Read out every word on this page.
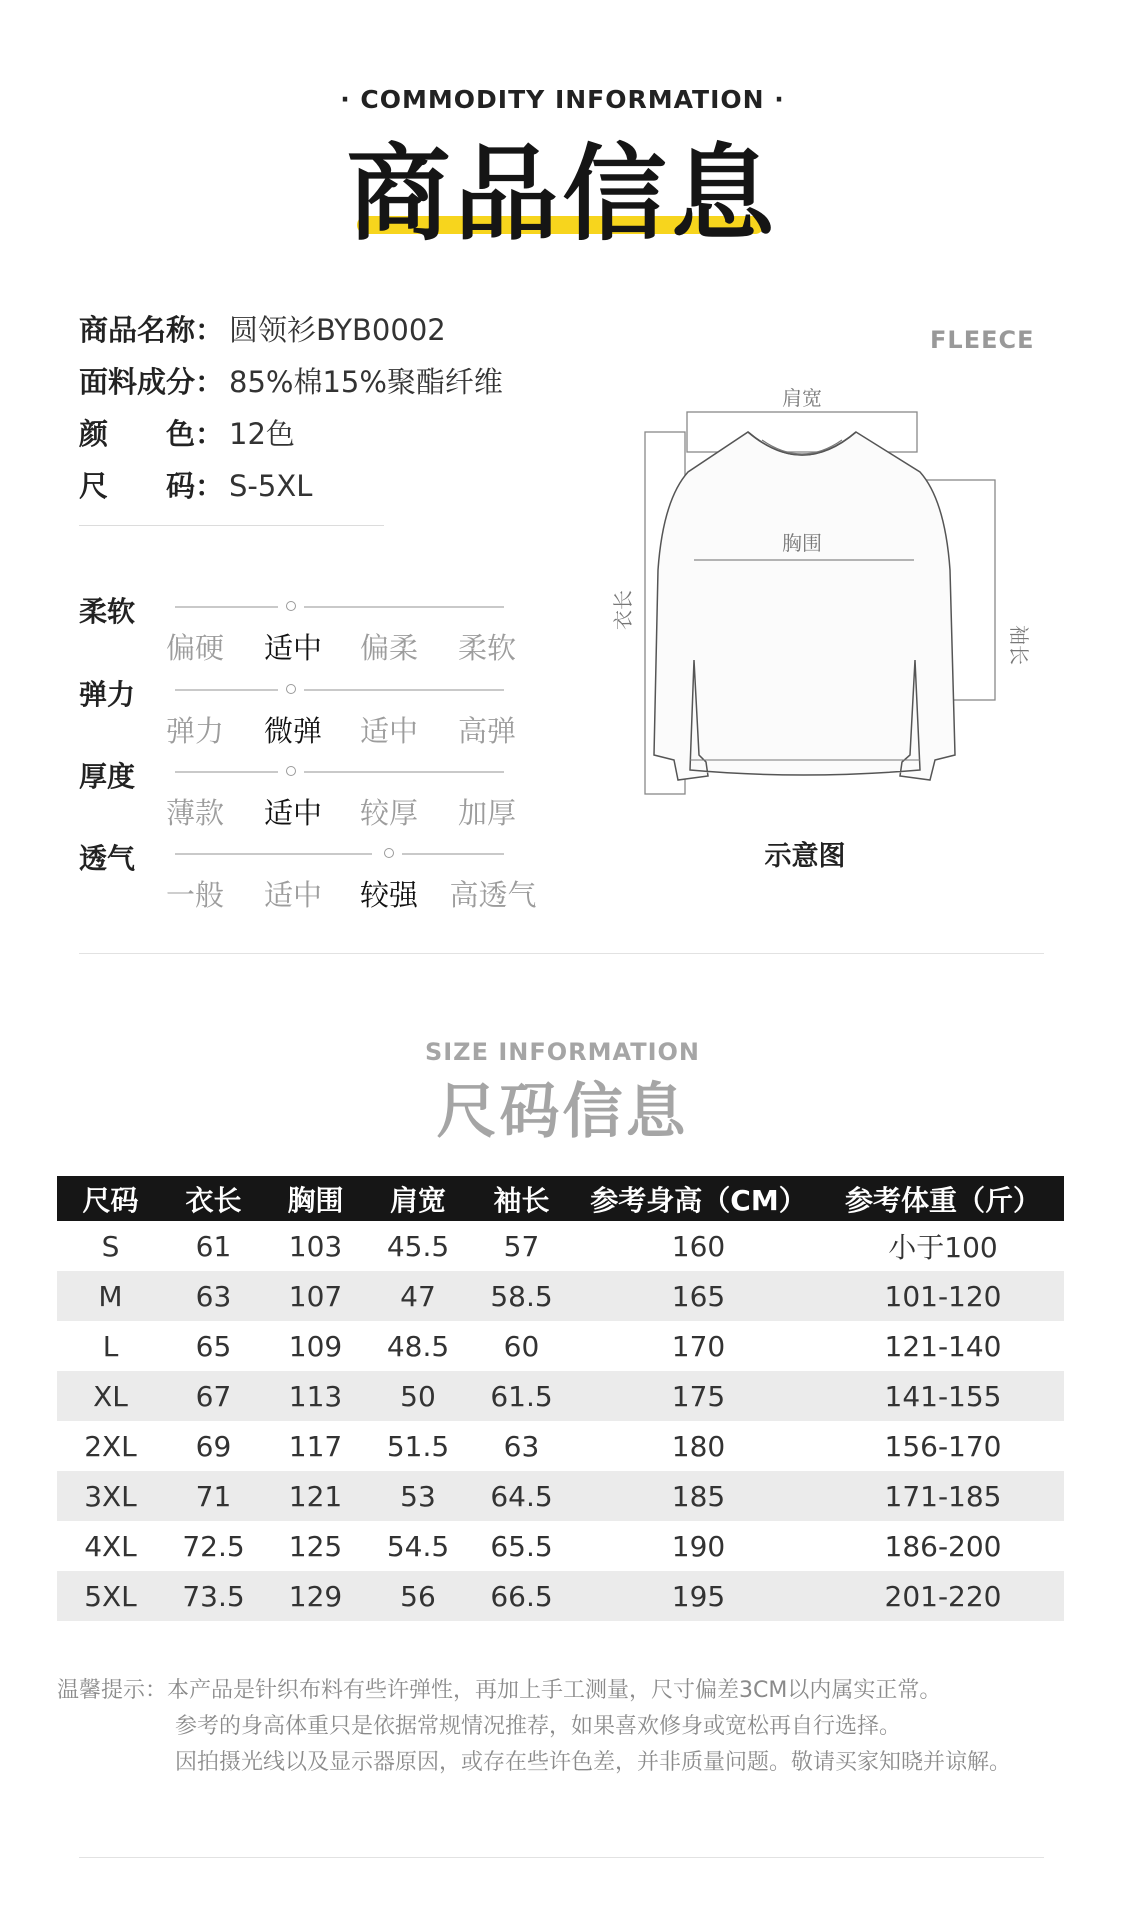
· COMMODITY INFORMATION ·
商品信息
商品名称： 圆领衫BYB0002
面料成分： 85%棉15%聚酯纤维
颜　　色： 12色
尺　　码： S-5XL
柔软
偏硬	适中	偏柔	柔软
弹力
弹力	微弹	适中	高弹
厚度
薄款	适中	较厚	加厚
透气
一般	适中	较强	高透气
FLEECE
肩宽
胸围
衣长
袖长
示意图
SIZE INFORMATION
尺码信息
尺码	衣长	胸围	肩宽	袖长	参考身高（CM）	参考体重（斤）
S	61	103	45.5	57	160	小于100
M	63	107	47	58.5	165	101-120
L	65	109	48.5	60	170	121-140
XL	67	113	50	61.5	175	141-155
2XL	69	117	51.5	63	180	156-170
3XL	71	121	53	64.5	185	171-185
4XL	72.5	125	54.5	65.5	190	186-200
5XL	73.5	129	56	66.5	195	201-220
温馨提示：本产品是针织布料有些许弹性，再加上手工测量，尺寸偏差3CM以内属实正常。
参考的身高体重只是依据常规情况推荐，如果喜欢修身或宽松再自行选择。
因拍摄光线以及显示器原因，或存在些许色差，并非质量问题。敬请买家知晓并谅解。
